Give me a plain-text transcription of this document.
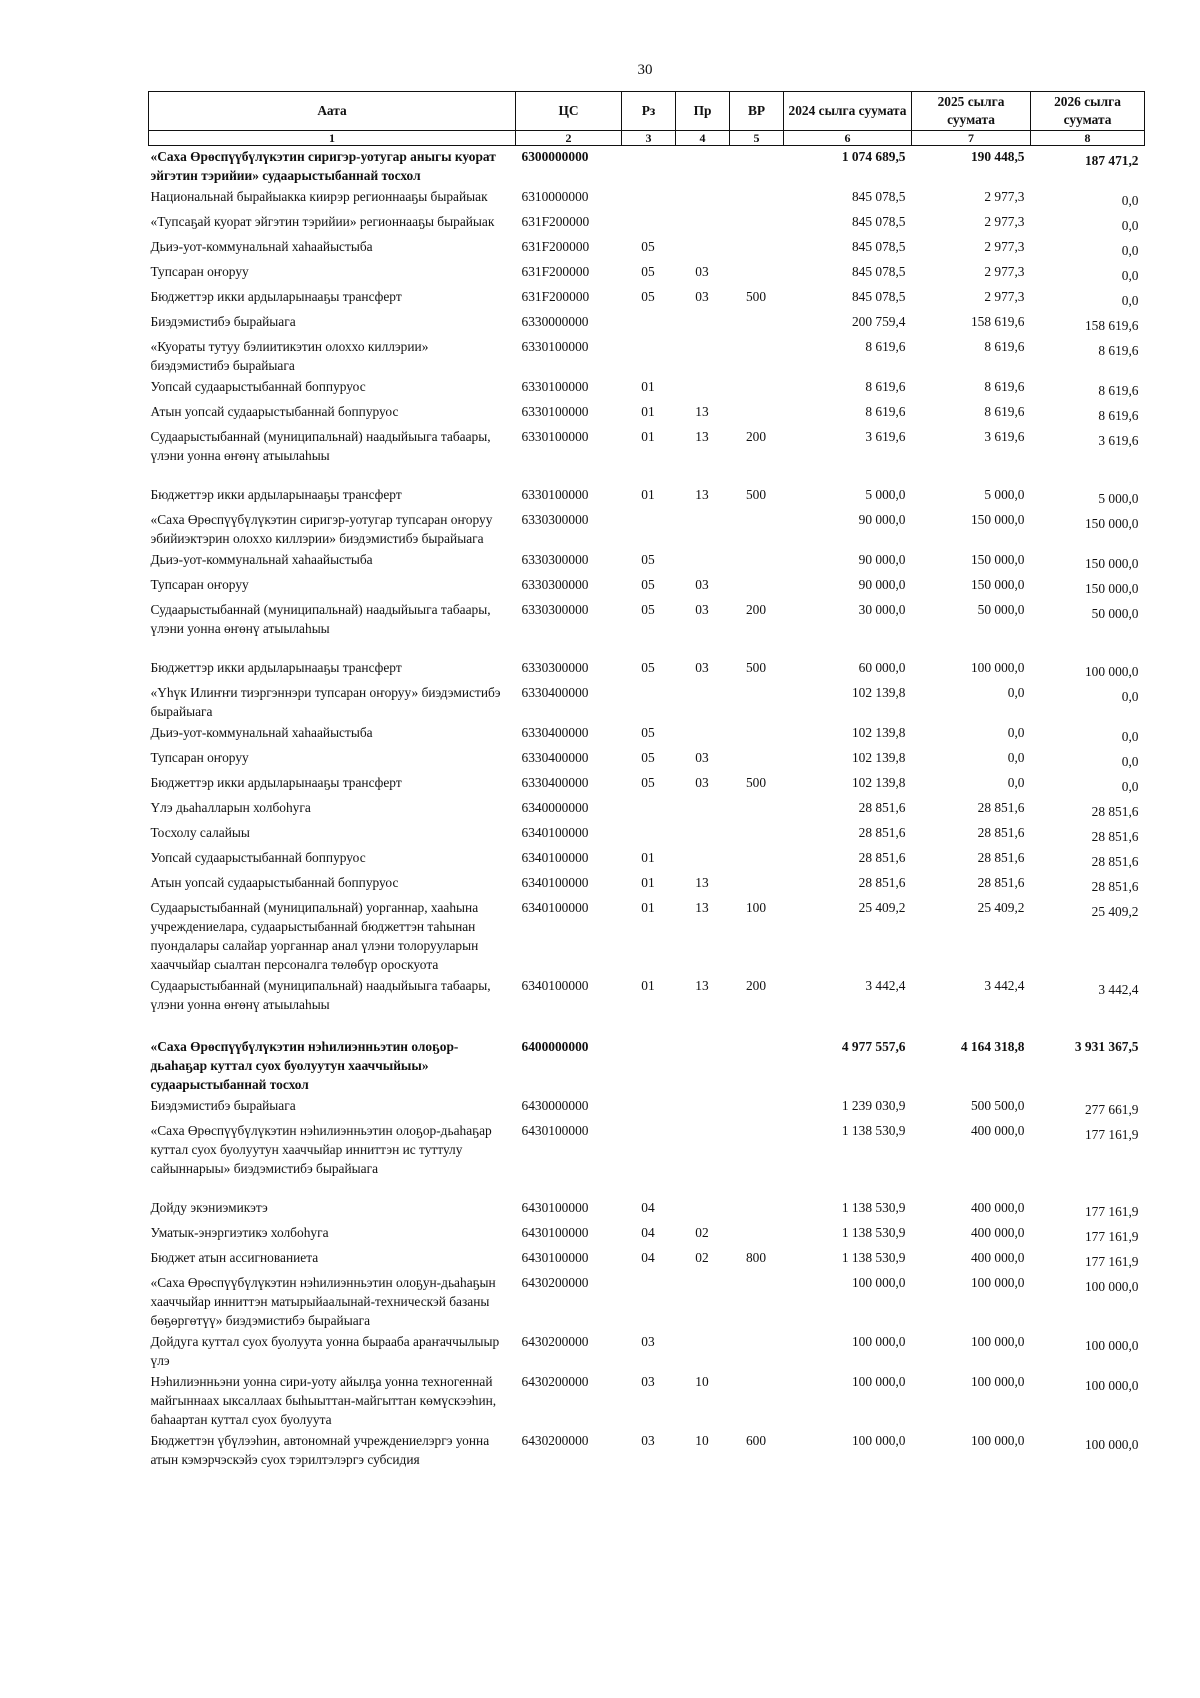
30
Аата	ЦС	Рз	Пр	ВР	2024 сылга суумата	2025 сылга суумата	2026 сылга суумата
1	2	3	4	5	6	7	8
«Саха Өрөспүүбүлүкэтин сиригэр-уотугар аныгы куорат эйгэтин тэрийии» судаарыстыбаннай тосхол	6300000000				1 074 689,5	190 448,5	187 471,2
Национальнай бырайыакка киирэр регионнааҕы бырайыак	6310000000				845 078,5	2 977,3	0,0
«Тупсаҕай куорат эйгэтин тэрийии» регионнааҕы бырайыак	631F200000				845 078,5	2 977,3	0,0
Дьиэ-уот-коммунальнай хаһаайыстыба	631F200000	05			845 078,5	2 977,3	0,0
Тупсаран оҥоруу	631F200000	05	03		845 078,5	2 977,3	0,0
Бюджеттэр икки ардыларынааҕы трансферт	631F200000	05	03	500	845 078,5	2 977,3	0,0
Биэдэмистибэ бырайыага	6330000000				200 759,4	158 619,6	158 619,6
«Куораты тутуу бэлиитикэтин олоххо киллэрии» биэдэмистибэ бырайыага	6330100000				8 619,6	8 619,6	8 619,6
Уопсай судаарыстыбаннай боппуруос	6330100000	01			8 619,6	8 619,6	8 619,6
Атын уопсай судаарыстыбаннай боппуруос	6330100000	01	13		8 619,6	8 619,6	8 619,6
Судаарыстыбаннай (муниципальнай) наадыйыыга табаары, үлэни уонна өҥөнү атыылаһыы	6330100000	01	13	200	3 619,6	3 619,6	3 619,6
Бюджеттэр икки ардыларынааҕы трансферт	6330100000	01	13	500	5 000,0	5 000,0	5 000,0
«Саха Өрөспүүбүлүкэтин сиригэр-уотугар тупсаран оҥоруу эбийиэктэрин олоххо киллэрии» биэдэмистибэ бырайыага	6330300000				90 000,0	150 000,0	150 000,0
Дьиэ-уот-коммунальнай хаһаайыстыба	6330300000	05			90 000,0	150 000,0	150 000,0
Тупсаран оҥоруу	6330300000	05	03		90 000,0	150 000,0	150 000,0
Судаарыстыбаннай (муниципальнай) наадыйыыга табаары, үлэни уонна өҥөнү атыылаһыы	6330300000	05	03	200	30 000,0	50 000,0	50 000,0
Бюджеттэр икки ардыларынааҕы трансферт	6330300000	05	03	500	60 000,0	100 000,0	100 000,0
«Үһүк Илиҥҥи тиэргэннэри тупсаран оҥоруу» биэдэмистибэ бырайыага	6330400000				102 139,8	0,0	0,0
Дьиэ-уот-коммунальнай хаһаайыстыба	6330400000	05			102 139,8	0,0	0,0
Тупсаран оҥоруу	6330400000	05	03		102 139,8	0,0	0,0
Бюджеттэр икки ардыларынааҕы трансферт	6330400000	05	03	500	102 139,8	0,0	0,0
Үлэ дьаһалларын холбоһуга	6340000000				28 851,6	28 851,6	28 851,6
Тосхолу салайыы	6340100000				28 851,6	28 851,6	28 851,6
Уопсай судаарыстыбаннай боппуруос	6340100000	01			28 851,6	28 851,6	28 851,6
Атын уопсай судаарыстыбаннай боппуруос	6340100000	01	13		28 851,6	28 851,6	28 851,6
Судаарыстыбаннай (муниципальнай) уорганнар, хааһына учреждениелара, судаарыстыбаннай бюджеттэн таһынан пуондалары салайар уорганнар анал үлэни толорууларын хааччыйар сыалтан персоналга төлөбүр ороскуота	6340100000	01	13	100	25 409,2	25 409,2	25 409,2
Судаарыстыбаннай (муниципальнай) наадыйыыга табаары, үлэни уонна өҥөнү атыылаһыы	6340100000	01	13	200	3 442,4	3 442,4	3 442,4
«Саха Өрөспүүбүлүкэтин нэһилиэнньэтин олоҕор-дьаһаҕар куттал суох буолуутун хааччыйыы» судаарыстыбаннай тосхол	6400000000				4 977 557,6	4 164 318,8	3 931 367,5
Биэдэмистибэ бырайыага	6430000000				1 239 030,9	500 500,0	277 661,9
«Саха Өрөспүүбүлүкэтин нэһилиэнньэтин олоҕор-дьаһаҕар куттал суох буолуутун хааччыйар инниттэн ис туттулу сайыннарыы» биэдэмистибэ бырайыага	6430100000				1 138 530,9	400 000,0	177 161,9
Дойду экэниэмикэтэ	6430100000	04			1 138 530,9	400 000,0	177 161,9
Уматык-энэргиэтикэ холбоһуга	6430100000	04	02		1 138 530,9	400 000,0	177 161,9
Бюджет атын ассигнованиета	6430100000	04	02	800	1 138 530,9	400 000,0	177 161,9
«Саха Өрөспүүбүлүкэтин нэһилиэнньэтин олоҕун-дьаһаҕын хааччыйар инниттэн матырыйаалынай-техническэй базаны бөҕөргөтүү» биэдэмистибэ бырайыага	6430200000				100 000,0	100 000,0	100 000,0
Дойдуга куттал суох буолуута уонна бырааба араҥаччылыыр үлэ	6430200000	03			100 000,0	100 000,0	100 000,0
Нэһилиэнньэни уонна сири-уоту айылҕа уонна техногеннай майгыннаах ыксаллаах быһыыттан-майгыттан көмүскээһин, баһаартан куттал суох буолуута	6430200000	03	10		100 000,0	100 000,0	100 000,0
Бюджеттэн үбүлээһин, автономнай учреждениелэргэ уонна атын кэмэрчэскэйэ суох тэрилтэлэргэ субсидия	6430200000	03	10	600	100 000,0	100 000,0	100 000,0
